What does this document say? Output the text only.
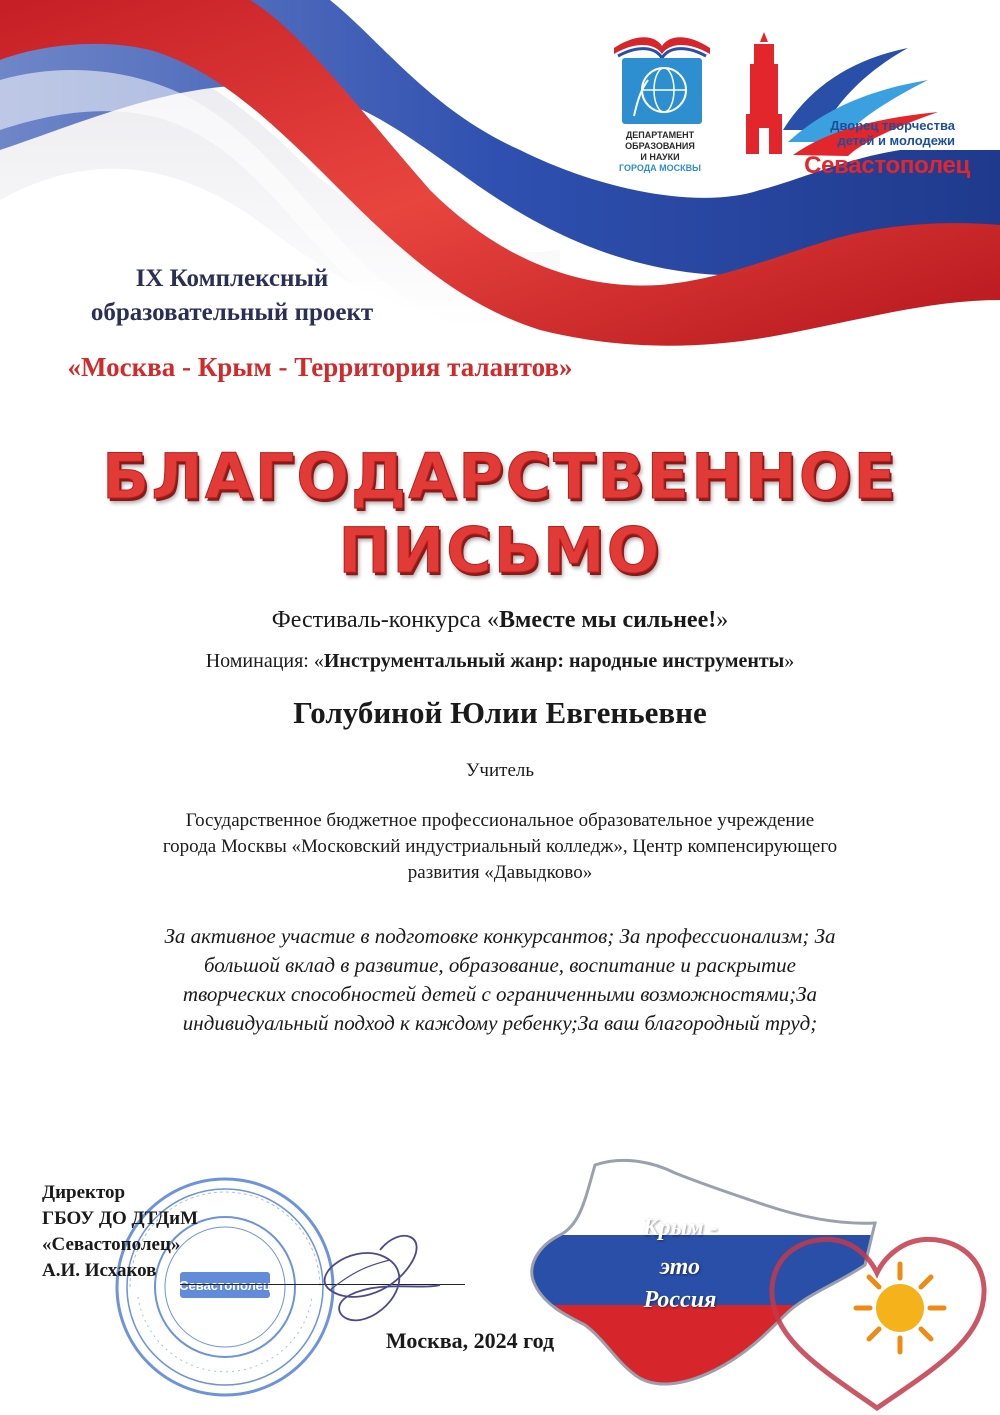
ДЕПАРТАМЕНТ
ОБРАЗОВАНИЯ
И НАУКИ
ГОРОДА МОСКВЫ
Дворец творчества
детей и молодежи
Севастополец
IX Комплексный
образовательный проект
«Москва - Крым - Территория талантов»
БЛАГОДАРСТВЕННОЕ
ПИСЬМО
Фестиваль-конкурса «Вместе мы сильнее!»
Номинация: «Инструментальный жанр: народные инструменты»
Голубиной Юлии Евгеньевне
Учитель
Государственное бюджетное профессиональное образовательное учреждение
города Москвы «Московский индустриальный колледж», Центр компенсирующего
развития «Давыдково»
За активное участие в подготовке конкурсантов; За профессионализм; За
большой вклад в развитие, образование, воспитание и раскрытие
творческих способностей детей с ограниченными возможностями;За
индивидуальный подход к каждому ребенку;За ваш благородный труд;
Севастополец
Директор
ГБОУ ДО ДТДиМ
«Севастополец»
А.И. Исхаков
Москва, 2024 год
Крым -
это
Россия
